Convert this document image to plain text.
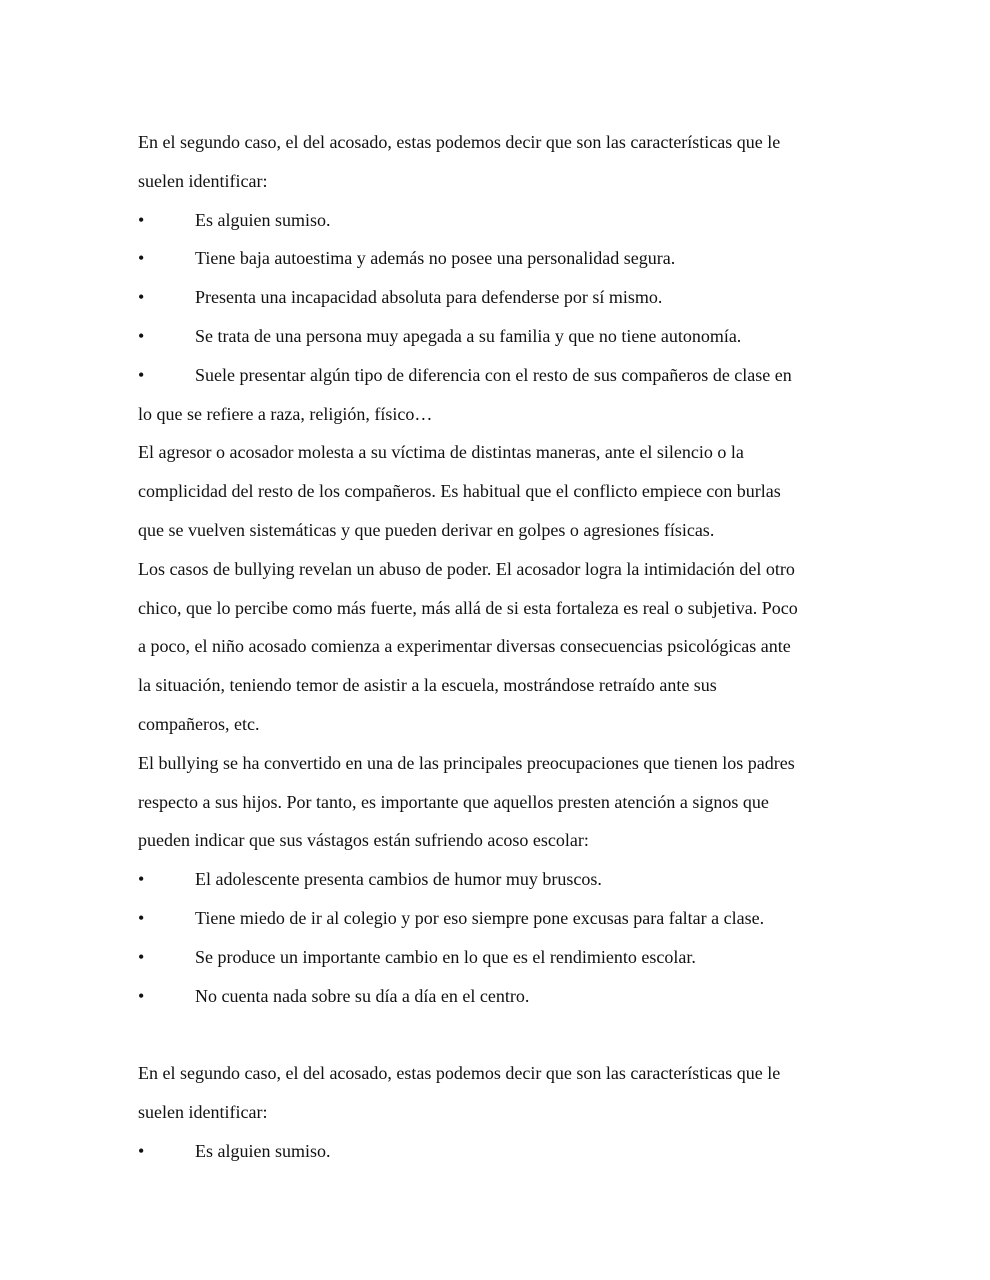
En el segundo caso, el del acosado, estas podemos decir que son las características que le
suelen identificar:

•	Es alguien sumiso.
•	Tiene baja autoestima y además no posee una personalidad segura.
•	Presenta una incapacidad absoluta para defenderse por sí mismo.
•	Se trata de una persona muy apegada a su familia y que no tiene autonomía.
•	Suele presentar algún tipo de diferencia con el resto de sus compañeros de clase en
lo que se refiere a raza, religión, físico…

El agresor o acosador molesta a su víctima de distintas maneras, ante el silencio o la
complicidad del resto de los compañeros. Es habitual que el conflicto empiece con burlas
que se vuelven sistemáticas y que pueden derivar en golpes o agresiones físicas.

Los casos de bullying revelan un abuso de poder. El acosador logra la intimidación del otro
chico, que lo percibe como más fuerte, más allá de si esta fortaleza es real o subjetiva. Poco
a poco, el niño acosado comienza a experimentar diversas consecuencias psicológicas ante
la situación, teniendo temor de asistir a la escuela, mostrándose retraído ante sus
compañeros, etc.

El bullying se ha convertido en una de las principales preocupaciones que tienen los padres
respecto a sus hijos. Por tanto, es importante que aquellos presten atención a signos que
pueden indicar que sus vástagos están sufriendo acoso escolar:

•	El adolescente presenta cambios de humor muy bruscos.
•	Tiene miedo de ir al colegio y por eso siempre pone excusas para faltar a clase.
•	Se produce un importante cambio en lo que es el rendimiento escolar.
•	No cuenta nada sobre su día a día en el centro.

En el segundo caso, el del acosado, estas podemos decir que son las características que le
suelen identificar:

•	Es alguien sumiso.
